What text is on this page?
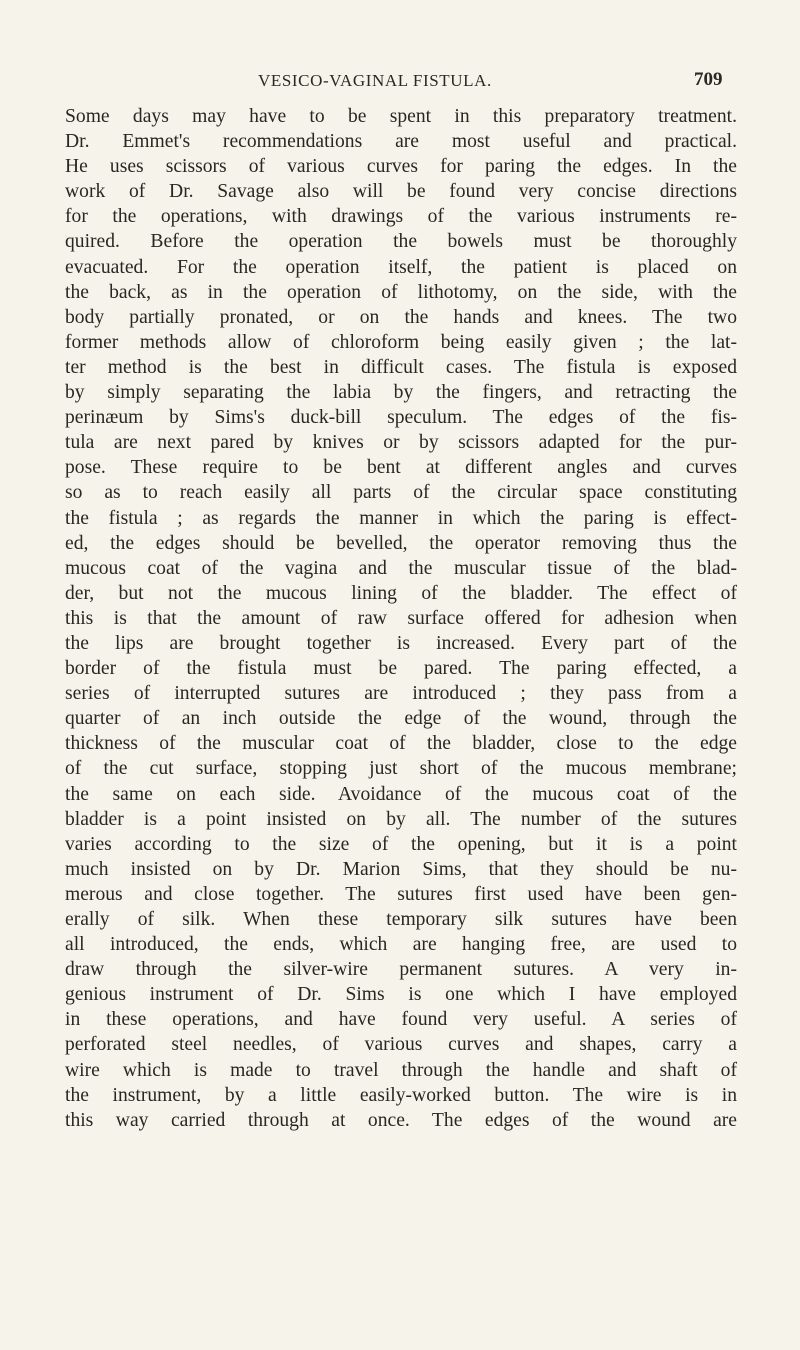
VESICO-VAGINAL FISTULA.	709
Some days may have to be spent in this preparatory treatment.
Dr. Emmet's recommendations are most useful and practical.
He uses scissors of various curves for paring the edges. In the
work of Dr. Savage also will be found very concise directions
for the operations, with drawings of the various instruments re-
quired. Before the operation the bowels must be thoroughly
evacuated. For the operation itself, the patient is placed on
the back, as in the operation of lithotomy, on the side, with the
body partially pronated, or on the hands and knees. The two
former methods allow of chloroform being easily given ; the lat-
ter method is the best in difficult cases. The fistula is exposed
by simply separating the labia by the fingers, and retracting the
perinæum by Sims's duck-bill speculum. The edges of the fis-
tula are next pared by knives or by scissors adapted for the pur-
pose. These require to be bent at different angles and curves
so as to reach easily all parts of the circular space constituting
the fistula ; as regards the manner in which the paring is effect-
ed, the edges should be bevelled, the operator removing thus the
mucous coat of the vagina and the muscular tissue of the blad-
der, but not the mucous lining of the bladder. The effect of
this is that the amount of raw surface offered for adhesion when
the lips are brought together is increased. Every part of the
border of the fistula must be pared. The paring effected, a
series of interrupted sutures are introduced ; they pass from a
quarter of an inch outside the edge of the wound, through the
thickness of the muscular coat of the bladder, close to the edge
of the cut surface, stopping just short of the mucous membrane;
the same on each side. Avoidance of the mucous coat of the
bladder is a point insisted on by all. The number of the sutures
varies according to the size of the opening, but it is a point
much insisted on by Dr. Marion Sims, that they should be nu-
merous and close together. The sutures first used have been gen-
erally of silk. When these temporary silk sutures have been
all introduced, the ends, which are hanging free, are used to
draw through the silver-wire permanent sutures. A very in-
genious instrument of Dr. Sims is one which I have employed
in these operations, and have found very useful. A series of
perforated steel needles, of various curves and shapes, carry a
wire which is made to travel through the handle and shaft of
the instrument, by a little easily-worked button. The wire is in
this way carried through at once. The edges of the wound are
